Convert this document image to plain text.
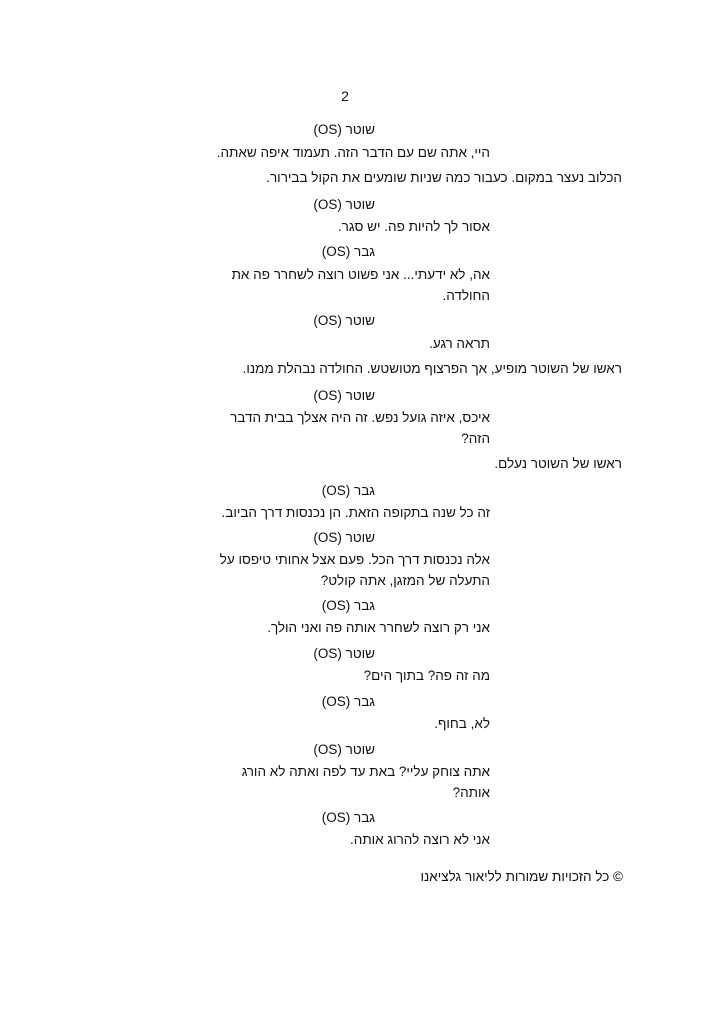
2
שוטר (OS)
היי, אתה שם עם הדבר הזה. תעמוד איפה שאתה.
הכלוב נעצר במקום. כעבור כמה שניות שומעים את הקול בבירור.
שוטר (OS)
אסור לך להיות פה. יש סגר.
גבר (OS)
אה, לא ידעתי... אני פשוט רוצה לשחרר פה את החולדה.
שוטר (OS)
תראה רגע.
ראשו של השוטר מופיע, אך הפרצוף מטושטש. החולדה נבהלת ממנו.
שוטר (OS)
איכס, איזה גועל נפש. זה היה אצלך בבית הדבר הזה?
ראשו של השוטר נעלם.
גבר (OS)
זה כל שנה בתקופה הזאת. הן נכנסות דרך הביוב.
שוטר (OS)
אלה נכנסות דרך הכל. פעם אצל אחותי טיפסו על התעלה של המזגן, אתה קולט?
גבר (OS)
אני רק רוצה לשחרר אותה פה ואני הולך.
שוטר (OS)
מה זה פה? בתוך הים?
גבר (OS)
לא, בחוף.
שוטר (OS)
אתה צוחק עליי? באת עד לפה ואתה לא הורג אותה?
גבר (OS)
אני לא רוצה להרוג אותה.
© כל הזכויות שמורות לליאור גלציאנו
